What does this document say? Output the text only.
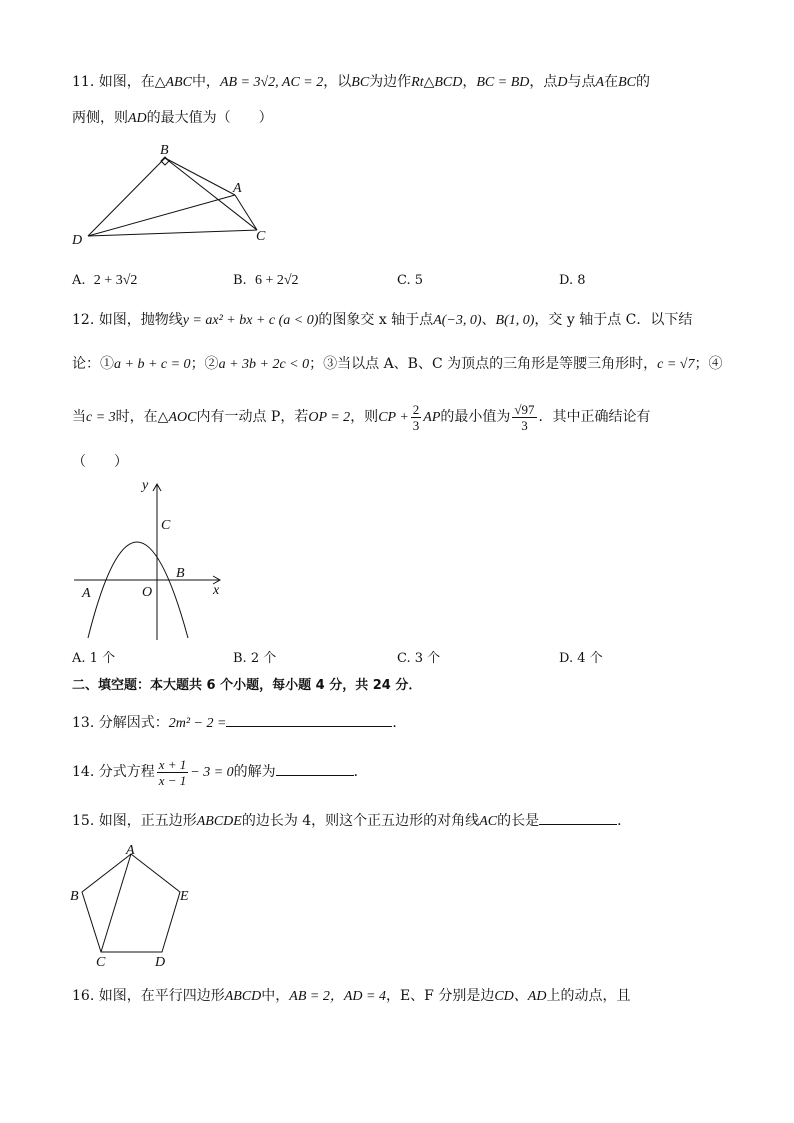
11. 如图，在△ABC中，AB = 3√2, AC = 2，以BC为边作Rt△BCD，BC = BD，点D与点A在BC的
两侧，则AD的最大值为（　　）
B
A
D	C
A. 2 + 3√2	B. 6 + 2√2	C. 5	D. 8
12. 如图，抛物线y = ax² + bx + c (a < 0)的图象交 x 轴于点A(−3, 0)、B(1, 0)，交 y 轴于点 C．以下结
论：①a + b + c = 0；②a + 3b + 2c < 0；③当以点 A、B、C 为顶点的三角形是等腰三角形时，c = √7；④
当c = 3时，在△AOC内有一动点 P，若OP = 2，则CP + $\frac{2}{3}$ AP的最小值为 $\frac{√97}{3}$ ．其中正确结论有
（　　）
y
C
B
A	O	x
A. 1 个	B. 2 个	C. 3 个	D. 4 个
二、填空题：本大题共 6 个小题，每小题 4 分，共 24 分．
13. 分解因式：2m² − 2 =	．
14. 分式方程 $\frac{x + 1}{x - 1} - 3 = 0$的解为	．
15. 如图，正五边形ABCDE的边长为 4，则这个正五边形的对角线AC的长是	．
A
B	E
C	D
16. 如图，在平行四边形ABCD中，AB = 2，AD = 4，E、F 分别是边CD、AD上的动点，且
